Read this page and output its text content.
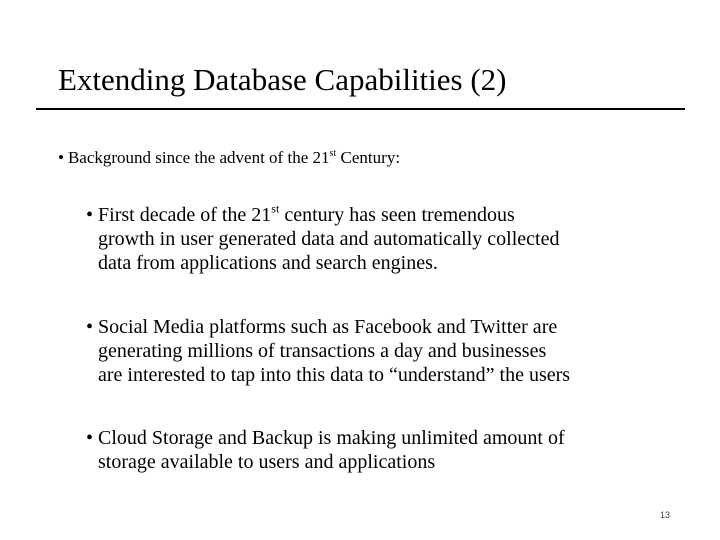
Extending Database Capabilities (2)
• Background since the advent of the 21st Century:
• First decade of the 21st century has seen tremendous
growth in user generated data and automatically collected
data from applications and search engines.
• Social Media platforms such as Facebook and Twitter are
generating millions of transactions a day and businesses
are interested to tap into this data to “understand” the users
• Cloud Storage and Backup is making unlimited amount of
storage available to users and applications
13
